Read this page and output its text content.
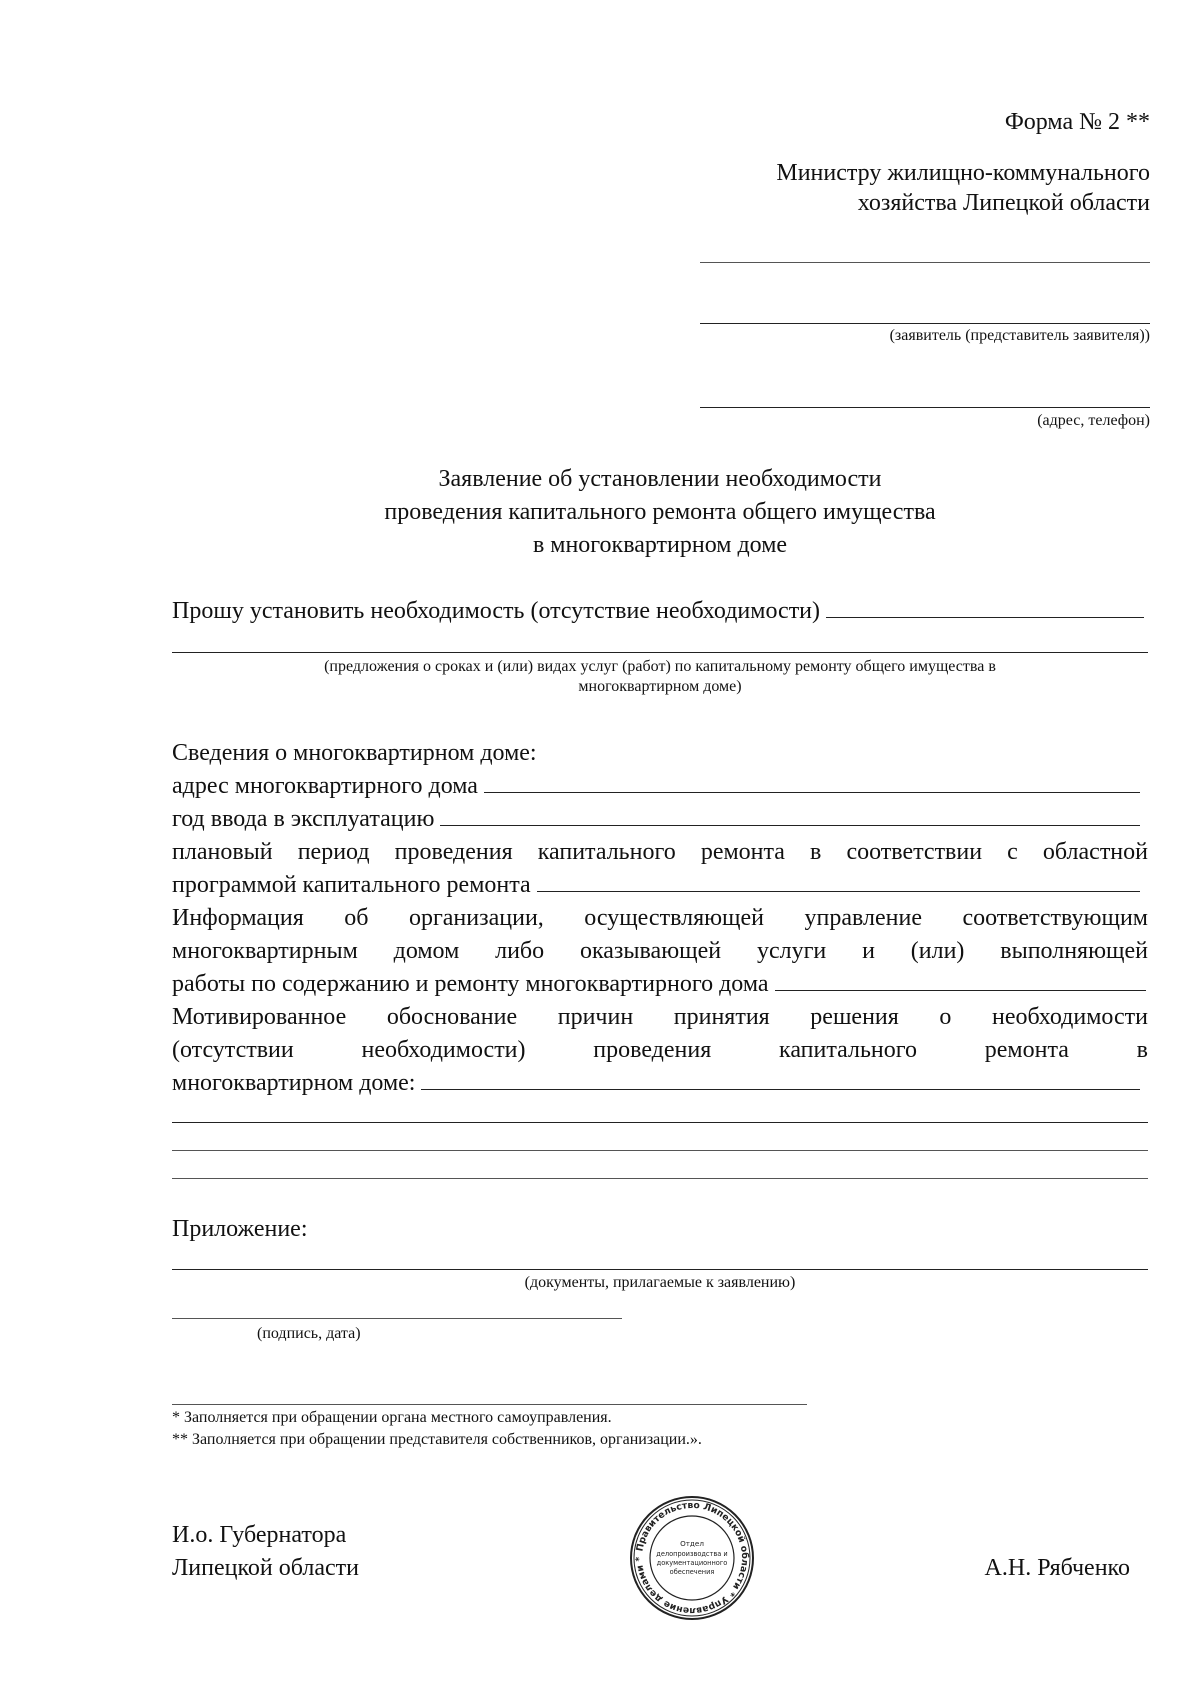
Форма № 2 **
Министру жилищно-коммунального
хозяйства Липецкой области
(заявитель (представитель заявителя))
(адрес, телефон)
Заявление об установлении необходимости
проведения капитального ремонта общего имущества
в многоквартирном доме
Прошу установить необходимость (отсутствие необходимости)
(предложения о сроках и (или) видах услуг (работ) по капитальному ремонту общего имущества в
многоквартирном доме)
Сведения о многоквартирном доме:
адрес многоквартирного дома
год ввода в эксплуатацию
плановый период проведения капитального ремонта в соответствии с областной
программой капитального ремонта
Информация об организации, осуществляющей управление соответствующим
многоквартирным домом либо оказывающей услуги и (или) выполняющей
работы по содержанию и ремонту многоквартирного дома
Мотивированное обоснование причин принятия решения о необходимости
(отсутствии необходимости) проведения капитального ремонта в
многоквартирном доме:
Приложение:
(документы, прилагаемые к заявлению)
(подпись, дата)
* Заполняется при обращении органа местного самоуправления.
** Заполняется при обращении представителя собственников, организации.».
И.о. Губернатора
Липецкой области	А.Н. Рябченко
Правительство Липецкой области * Управление делами *
Отдел
делопроизводства и
документационного
обеспечения
